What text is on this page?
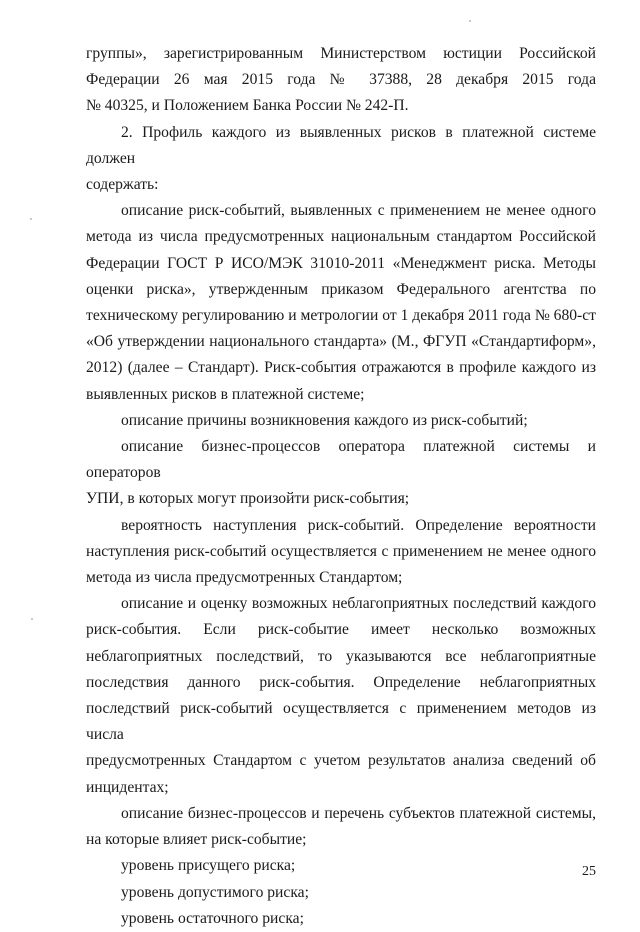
группы», зарегистрированным Министерством юстиции Российской

Федерации 26 мая 2015 года № 37388, 28 декабря 2015 года

№ 40325, и Положением Банка России № 242-П.

2. Профиль каждого из выявленных рисков в платежной системе должен

содержать:

описание риск-событий, выявленных с применением не менее одного

метода из числа предусмотренных национальным стандартом Российской

Федерации ГОСТ Р ИСО/МЭК 31010-2011 «Менеджмент риска. Методы

оценки риска», утвержденным приказом Федерального агентства по

техническому регулированию и метрологии от 1 декабря 2011 года № 680-ст

«Об утверждении национального стандарта» (М., ФГУП «Стандартиформ»,

2012) (далее – Стандарт). Риск-события отражаются в профиле каждого из

выявленных рисков в платежной системе;

описание причины возникновения каждого из риск-событий;

описание бизнес-процессов оператора платежной системы и операторов

УПИ, в которых могут произойти риск-события;

вероятность наступления риск-событий. Определение вероятности

наступления риск-событий осуществляется с применением не менее одного

метода из числа предусмотренных Стандартом;

описание и оценку возможных неблагоприятных последствий каждого

риск-события. Если риск-событие имеет несколько возможных

неблагоприятных последствий, то указываются все неблагоприятные

последствия данного риск-события. Определение неблагоприятных

последствий риск-событий осуществляется с применением методов из числа

предусмотренных Стандартом с учетом результатов анализа сведений об

инцидентах;

описание бизнес-процессов и перечень субъектов платежной системы,

на которые влияет риск-событие;

уровень присущего риска;

уровень допустимого риска;

уровень остаточного риска;

25
